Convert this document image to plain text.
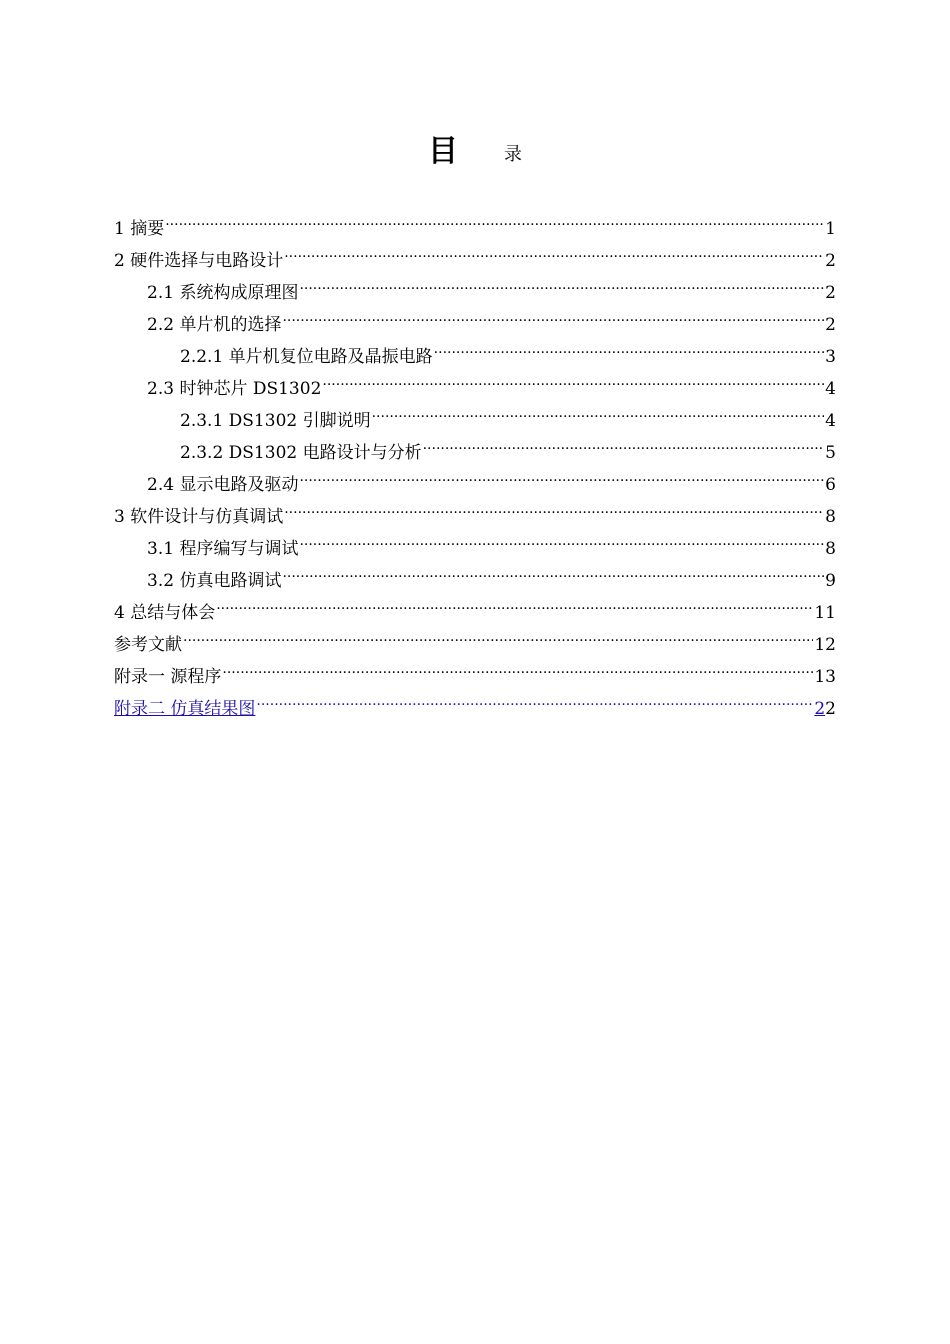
目	录
1 摘要 .....	1
2 硬件选择与电路设计 .....	2
2.1 系统构成原理图 .....	2
2.2 单片机的选择 .....	2
2.2.1 单片机复位电路及晶振电路 .....	3
2.3 时钟芯片 DS1302 .....	4
2.3.1 DS1302 引脚说明 .....	4
2.3.2 DS1302 电路设计与分析 .....	5
2.4 显示电路及驱动 .....	6
3 软件设计与仿真调试 .....	8
3.1 程序编写与调试 .....	8
3.2 仿真电路调试 .....	9
4 总结与体会 .....	11
参考文献 .....	12
附录一 源程序 .....	13
附录二 仿真结果图 .....	22
